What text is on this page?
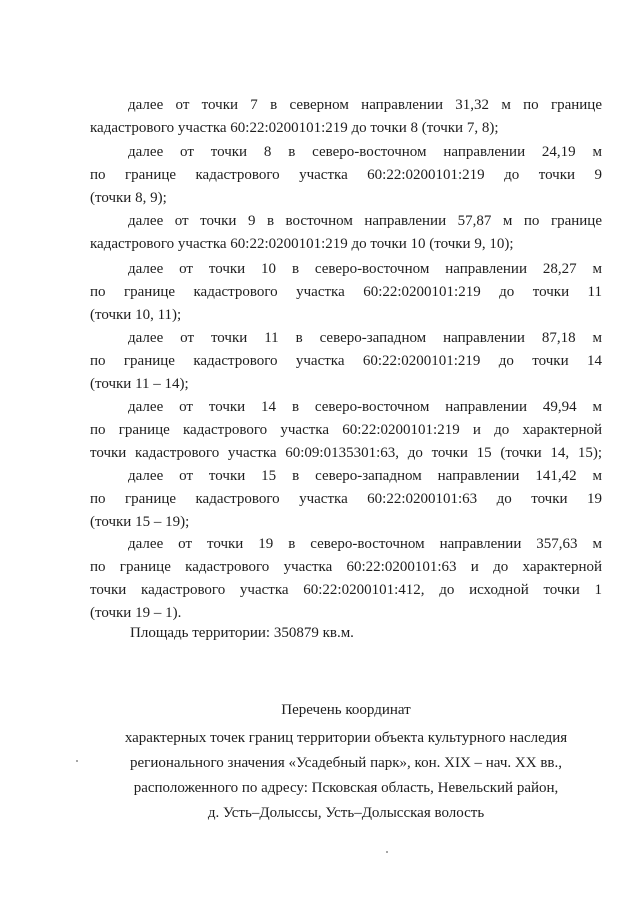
далее от точки 7 в северном направлении 31,32 м по границе
кадастрового участка 60:22:0200101:219 до точки 8 (точки 7, 8);
далее от точки 8 в северо-восточном направлении 24,19 м
по границе кадастрового участка 60:22:0200101:219 до точки 9
(точки 8, 9);
далее от точки 9 в восточном направлении 57,87 м по границе
кадастрового участка 60:22:0200101:219 до точки 10 (точки 9, 10);
далее от точки 10 в северо-восточном направлении 28,27 м
по границе кадастрового участка 60:22:0200101:219 до точки 11
(точки 10, 11);
далее от точки 11 в северо-западном направлении 87,18 м
по границе кадастрового участка 60:22:0200101:219 до точки 14
(точки 11 – 14);
далее от точки 14 в северо-восточном направлении 49,94 м
по границе кадастрового участка 60:22:0200101:219 и до характерной
точки кадастрового участка 60:09:0135301:63, до точки 15 (точки 14, 15);
далее от точки 15 в северо-западном направлении 141,42 м
по границе кадастрового участка 60:22:0200101:63 до точки 19
(точки 15 – 19);
далее от точки 19 в северо-восточном направлении 357,63 м
по границе кадастрового участка 60:22:0200101:63 и до характерной
точки кадастрового участка 60:22:0200101:412, до исходной точки 1
(точки 19 – 1).
Площадь территории: 350879 кв.м.
Перечень координат
характерных точек границ территории объекта культурного наследия
регионального значения «Усадебный парк», кон. XIX – нач. XX вв.,
расположенного по адресу: Псковская область, Невельский район,
д. Усть–Долыссы, Усть–Долысская волость
